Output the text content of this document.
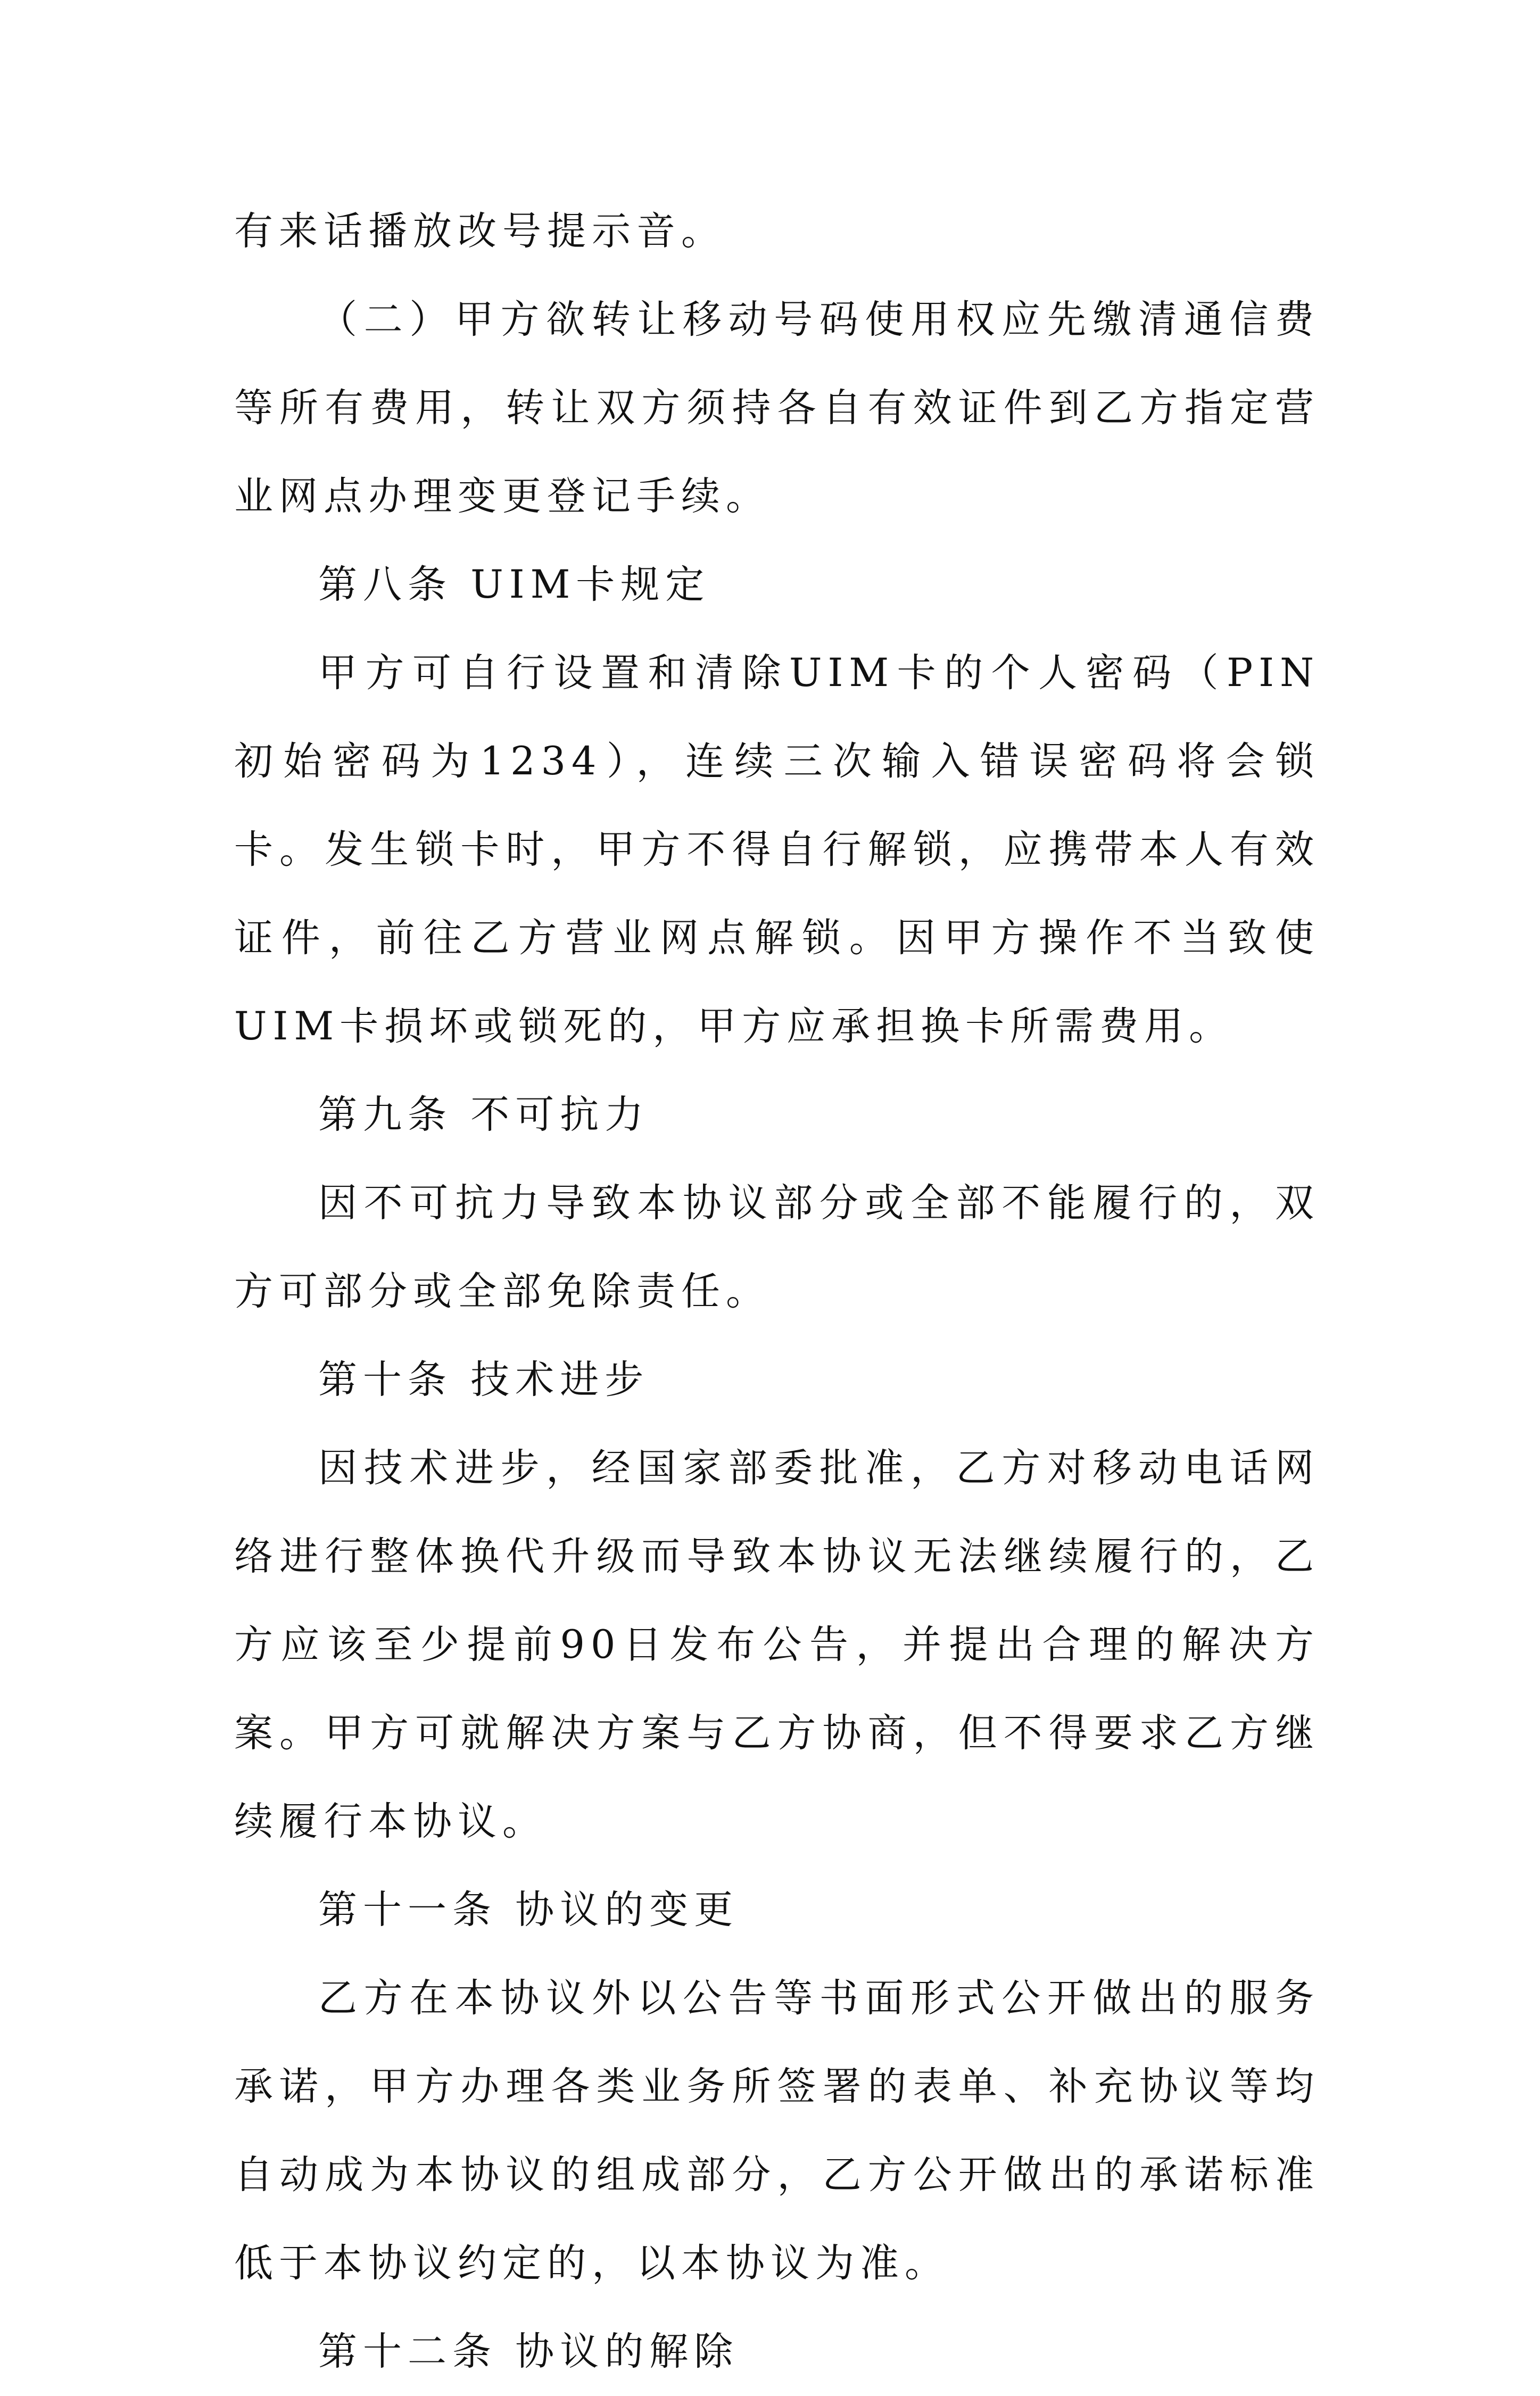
有来话播放改号提示音。

（二）甲方欲转让移动号码使用权应先缴清通信费等所有费用，转让双方须持各自有效证件到乙方指定营业网点办理变更登记手续。

第八条 UIM卡规定

甲方可自行设置和清除UIM卡的个人密码（PIN初始密码为1234），连续三次输入错误密码将会锁卡。发生锁卡时，甲方不得自行解锁，应携带本人有效证件，前往乙方营业网点解锁。因甲方操作不当致使UIM卡损坏或锁死的，甲方应承担换卡所需费用。

第九条 不可抗力

因不可抗力导致本协议部分或全部不能履行的，双方可部分或全部免除责任。

第十条 技术进步

因技术进步，经国家部委批准，乙方对移动电话网络进行整体换代升级而导致本协议无法继续履行的，乙方应该至少提前90日发布公告，并提出合理的解决方案。甲方可就解决方案与乙方协商，但不得要求乙方继续履行本协议。

第十一条 协议的变更

乙方在本协议外以公告等书面形式公开做出的服务承诺，甲方办理各类业务所签署的表单、补充协议等均自动成为本协议的组成部分，乙方公开做出的承诺标准低于本协议约定的，以本协议为准。

第十二条 协议的解除
